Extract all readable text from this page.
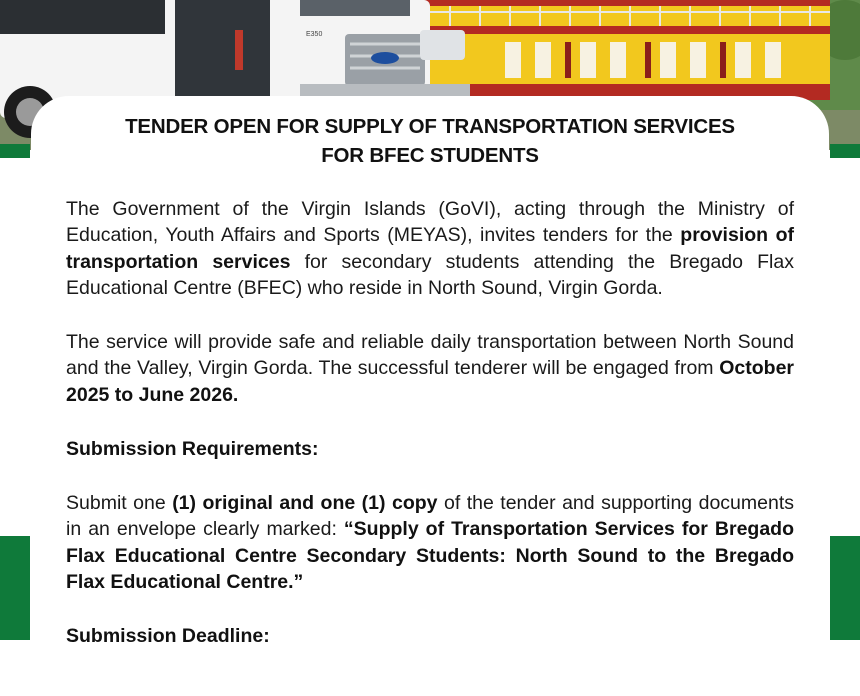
E350
TENDER OPEN FOR SUPPLY OF TRANSPORTATION SERVICES
FOR BFEC STUDENTS

The Government of the Virgin Islands (GoVI), acting through the Ministry of Education, Youth Affairs and Sports (MEYAS), invites tenders for the provision of transportation services for secondary students attending the Bregado Flax Educational Centre (BFEC) who reside in North Sound, Virgin Gorda.

The service will provide safe and reliable daily transportation between North Sound and the Valley, Virgin Gorda. The successful tenderer will be engaged from October 2025 to June 2026.

Submission Requirements:

Submit one (1) original and one (1) copy of the tender and supporting documents in an envelope clearly marked: “Supply of Transportation Services for Bregado Flax Educational Centre Secondary Students: North Sound to the Bregado Flax Educational Centre.”

Submission Deadline:
